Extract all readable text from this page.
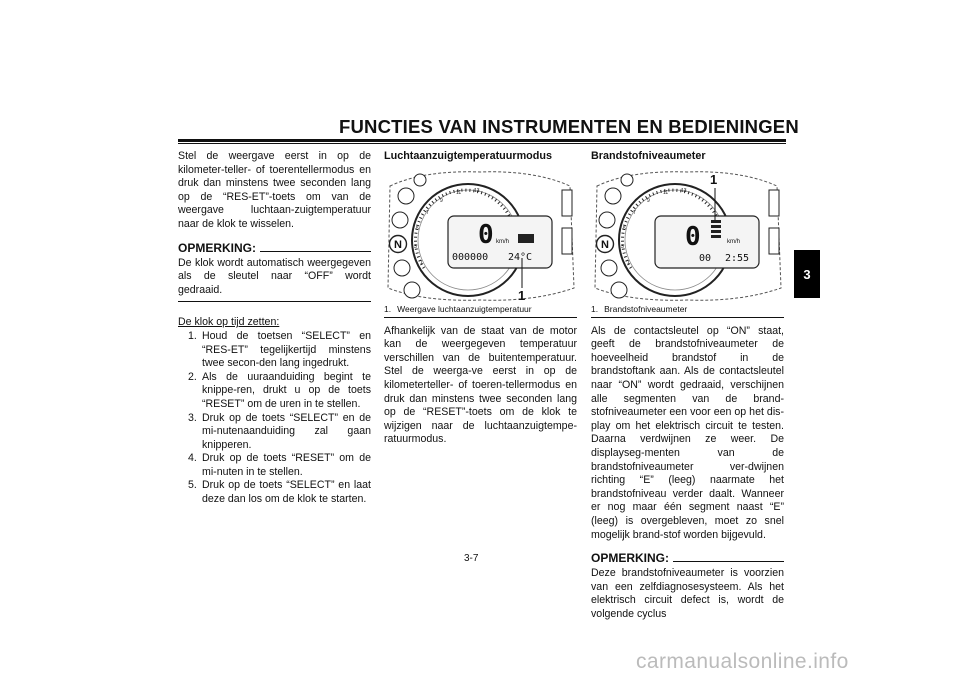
FUNCTIES VAN INSTRUMENTEN EN BEDIENINGEN
3

Stel de weergave eerst in op de kilometer-teller- of toerentellermodus en druk dan minstens twee seconden lang op de “RES-ET”-toets om van de weergave luchtaan-zuigtemperatuur naar de klok te wisselen.

OPMERKING:

De klok wordt automatisch weergegeven als de sleutel naar “OFF” wordt gedraaid.

De klok op tijd zetten:
1. Houd de toetsen “SELECT” en “RES-ET” tegelijkertijd minstens twee secon-den lang ingedrukt.
2. Als de uuraanduiding begint te knippe-ren, drukt u op de toets “RESET” om de uren in te stellen.
3. Druk op de toets “SELECT” en de mi-nutenaanduiding zal gaan knipperen.
4. Druk op de toets “RESET” om de mi-nuten in te stellen.
5. Druk op de toets “SELECT” en laat deze dan los om de klok te starten.
Luchtaanzuigtemperatuurmodus
0 km/h
000000 24°C
1
3
5
7
9
11	13
N
1
1. Weergave luchtaanzuigtemperatuur

Afhankelijk van de staat van de motor kan de weergegeven temperatuur verschillen van de buitentemperatuur. Stel de weerga-ve eerst in op de kilometerteller- of toeren-tellermodus en druk dan minstens twee seconden lang op de “RESET”-toets om de klok te wijzigen naar de luchtaanzuigtempe-ratuurmodus.

Brandstofniveaumeter
0	km/h
00 2:55
1
3
5
7
9
11	13
N
1
1. Brandstofniveaumeter

Als de contactsleutel op “ON” staat, geeft de brandstofniveaumeter de hoeveelheid brandstof in de brandstoftank aan. Als de contactsleutel naar “ON” wordt gedraaid, verschijnen alle segmenten van de brand-stofniveaumeter een voor een op het dis-play om het elektrisch circuit te testen. Daarna verdwijnen ze weer. De displayseg-menten van de brandstofniveaumeter ver-dwijnen richting “E” (leeg) naarmate het brandstofniveau verder daalt. Wanneer er nog maar één segment naast “E” (leeg) is overgebleven, moet zo snel mogelijk brand-stof worden bijgevuld.

OPMERKING:

Deze brandstofniveaumeter is voorzien van een zelfdiagnosesysteem. Als het elektrisch circuit defect is, wordt de volgende cyclus

3-7
carmanualsonline.info
